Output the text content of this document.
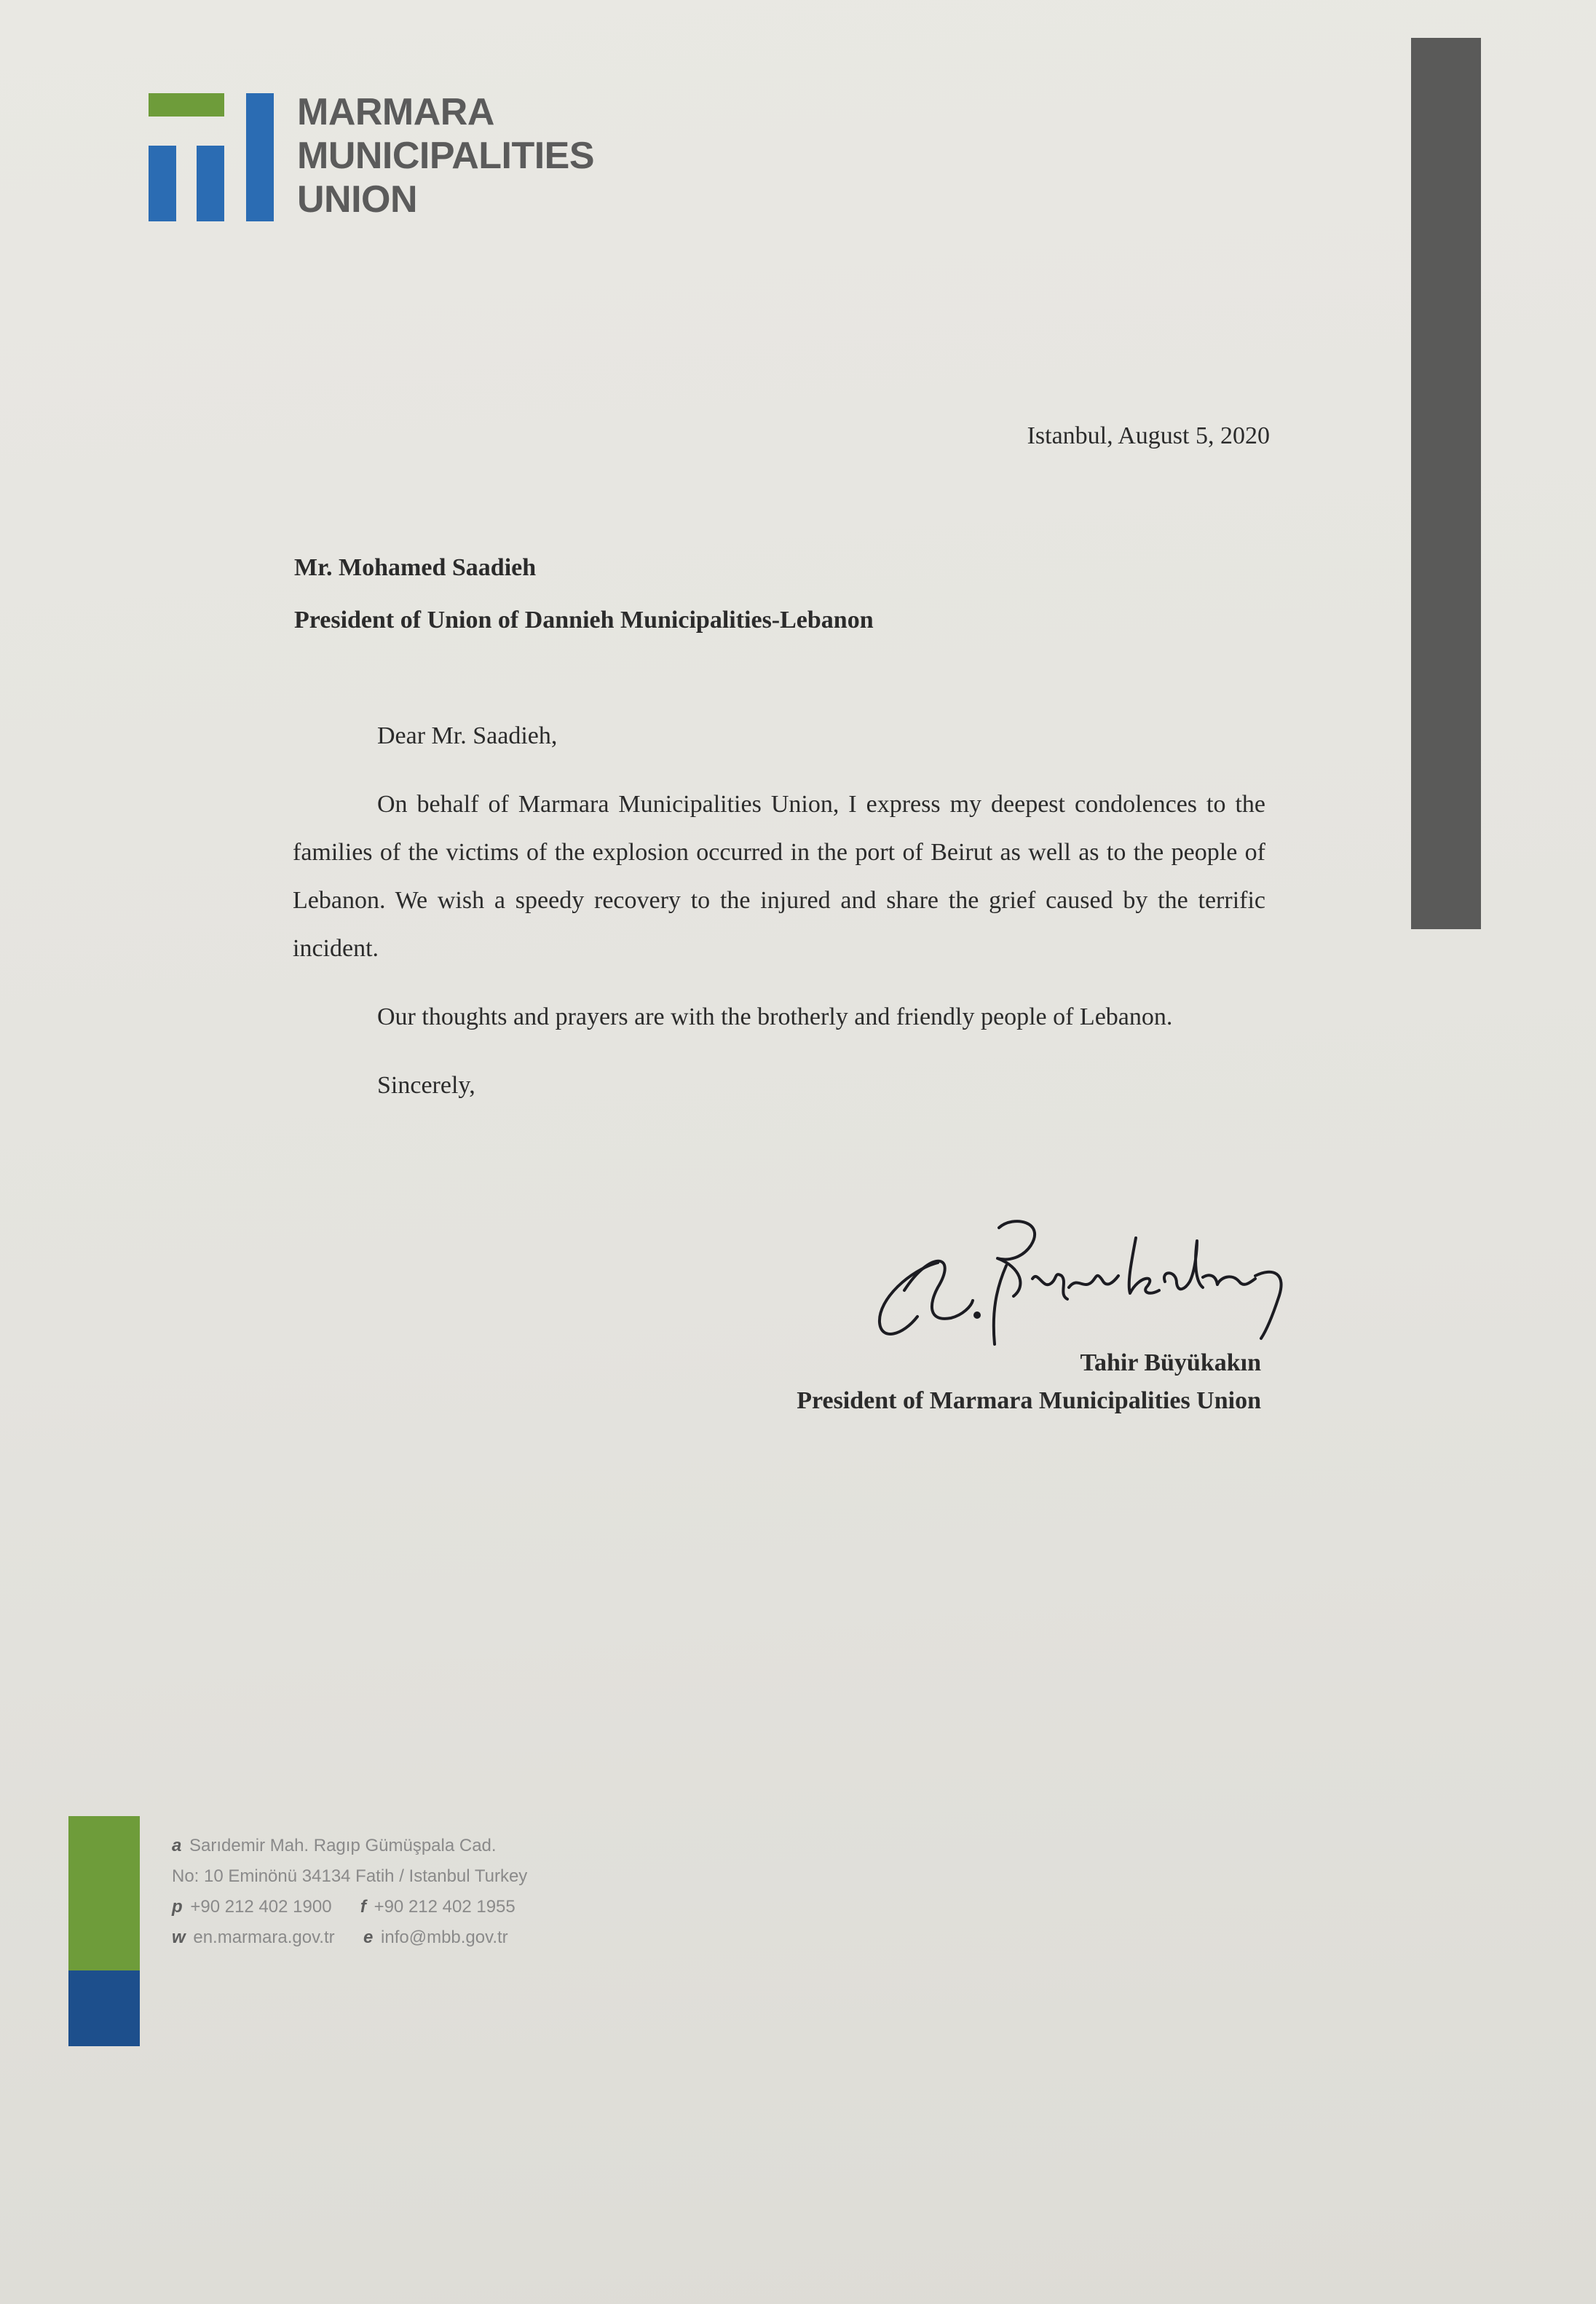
MARMARA
MUNICIPALITIES
UNION
Istanbul, August 5, 2020
Mr. Mohamed Saadieh
President of Union of Dannieh Municipalities-Lebanon
Dear Mr. Saadieh,
On behalf of Marmara Municipalities Union, I express my deepest condolences to the families of the victims of the explosion occurred in the port of Beirut as well as to the people of Lebanon. We wish a speedy recovery to the injured and share the grief caused by the terrific incident.
Our thoughts and prayers are with the brotherly and friendly people of Lebanon.
Sincerely,
Tahir Büyükakın
President of Marmara Municipalities Union
a Sarıdemir Mah. Ragıp Gümüşpala Cad.
No: 10 Eminönü 34134 Fatih / Istanbul Turkey
p +90 212 402 1900 f +90 212 402 1955
w en.marmara.gov.tr e info@mbb.gov.tr
